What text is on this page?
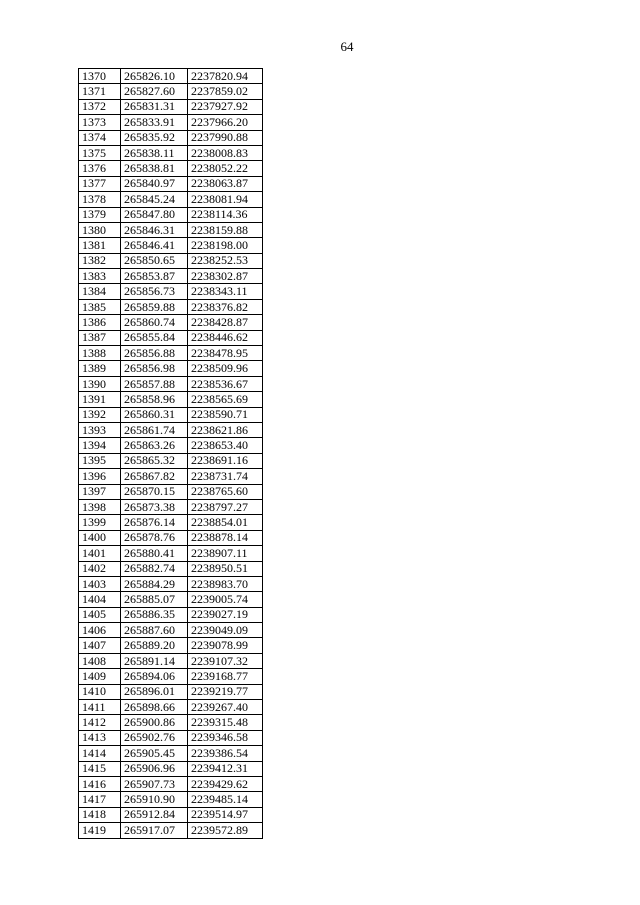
64
1370	265826.10	2237820.94
1371	265827.60	2237859.02
1372	265831.31	2237927.92
1373	265833.91	2237966.20
1374	265835.92	2237990.88
1375	265838.11	2238008.83
1376	265838.81	2238052.22
1377	265840.97	2238063.87
1378	265845.24	2238081.94
1379	265847.80	2238114.36
1380	265846.31	2238159.88
1381	265846.41	2238198.00
1382	265850.65	2238252.53
1383	265853.87	2238302.87
1384	265856.73	2238343.11
1385	265859.88	2238376.82
1386	265860.74	2238428.87
1387	265855.84	2238446.62
1388	265856.88	2238478.95
1389	265856.98	2238509.96
1390	265857.88	2238536.67
1391	265858.96	2238565.69
1392	265860.31	2238590.71
1393	265861.74	2238621.86
1394	265863.26	2238653.40
1395	265865.32	2238691.16
1396	265867.82	2238731.74
1397	265870.15	2238765.60
1398	265873.38	2238797.27
1399	265876.14	2238854.01
1400	265878.76	2238878.14
1401	265880.41	2238907.11
1402	265882.74	2238950.51
1403	265884.29	2238983.70
1404	265885.07	2239005.74
1405	265886.35	2239027.19
1406	265887.60	2239049.09
1407	265889.20	2239078.99
1408	265891.14	2239107.32
1409	265894.06	2239168.77
1410	265896.01	2239219.77
1411	265898.66	2239267.40
1412	265900.86	2239315.48
1413	265902.76	2239346.58
1414	265905.45	2239386.54
1415	265906.96	2239412.31
1416	265907.73	2239429.62
1417	265910.90	2239485.14
1418	265912.84	2239514.97
1419	265917.07	2239572.89
